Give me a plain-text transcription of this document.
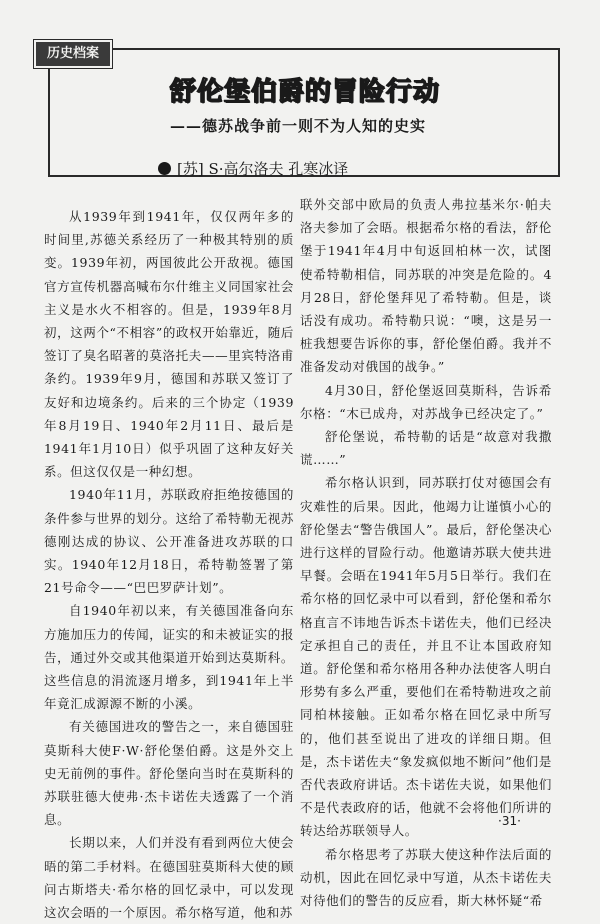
历史档案
舒伦堡伯爵的冒险行动
——德苏战争前一则不为人知的史实
[苏] S·高尔洛夫 孔寒冰译

从1939年到1941年，仅仅两年多的时间里,苏德关系经历了一种极其特别的质变。1939年初，两国彼此公开敌视。德国官方宣传机器高喊布尔什维主义同国家社会主义是水火不相容的。但是，1939年8月初，这两个“不相容”的政权开始靠近，随后签订了臭名昭著的莫洛托夫——里宾特洛甫条约。1939年9月，德国和苏联又签订了友好和边境条约。后来的三个协定（1939年8月19日、1940年2月11日、最后是1941年1月10日）似乎巩固了这种友好关系。但这仅仅是一种幻想。

1940年11月，苏联政府拒绝按德国的条件参与世界的划分。这给了希特勒无视苏德刚达成的协议、公开准备进攻苏联的口实。1940年12月18日，希特勒签署了第21号命令——“巴巴罗萨计划”。

自1940年初以来，有关德国准备向东方施加压力的传闻，证实的和未被证实的报告，通过外交或其他渠道开始到达莫斯科。这些信息的涓流逐月增多，到1941年上半年竟汇成源源不断的小溪。

有关德国进攻的警告之一，来自德国驻莫斯科大使F·W·舒伦堡伯爵。这是外交上史无前例的事件。舒伦堡向当时在莫斯科的苏联驻德大使弗·杰卡诺佐夫透露了一个消息。

长期以来，人们并没有看到两位大使会晤的第二手材料。在德国驻莫斯科大使的顾问古斯塔夫·希尔格的回忆录中，可以发现这次会晤的一个原因。希尔格写道，他和苏

联外交部中欧局的负责人弗拉基米尔·帕夫洛夫参加了会晤。根据希尔格的看法，舒伦堡于1941年4月中旬返回柏林一次，试图使希特勒相信，同苏联的冲突是危险的。4月28日，舒伦堡拜见了希特勒。但是，谈话没有成功。希特勒只说：“噢，这是另一桩我想要告诉你的事，舒伦堡伯爵。我并不准备发动对俄国的战争。”

4月30日，舒伦堡返回莫斯科，告诉希尔格：“木已成舟，对苏战争已经决定了。”

舒伦堡说，希特勒的话是“故意对我撒谎……”

希尔格认识到，同苏联打仗对德国会有灾难性的后果。因此，他竭力让谨慎小心的舒伦堡去“警告俄国人”。最后，舒伦堡决心进行这样的冒险行动。他邀请苏联大使共进早餐。会晤在1941年5月5日举行。我们在希尔格的回忆录中可以看到，舒伦堡和希尔格直言不讳地告诉杰卡诺佐夫，他们已经决定承担自己的责任，并且不让本国政府知道。舒伦堡和希尔格用各种办法使客人明白形势有多么严重，要他们在希特勒进攻之前同柏林接触。正如希尔格在回忆录中所写的，他们甚至说出了进攻的详细日期。但是，杰卡诺佐夫“象发疯似地不断问”他们是否代表政府讲话。杰卡诺佐夫说，如果他们不是代表政府的话，他就不会将他们所讲的转达给苏联领导人。

希尔格思考了苏联大使这种作法后面的动机，因此在回忆录中写道，从杰卡诺佐夫对待他们的警告的反应看，斯大林怀疑“希

·31·
